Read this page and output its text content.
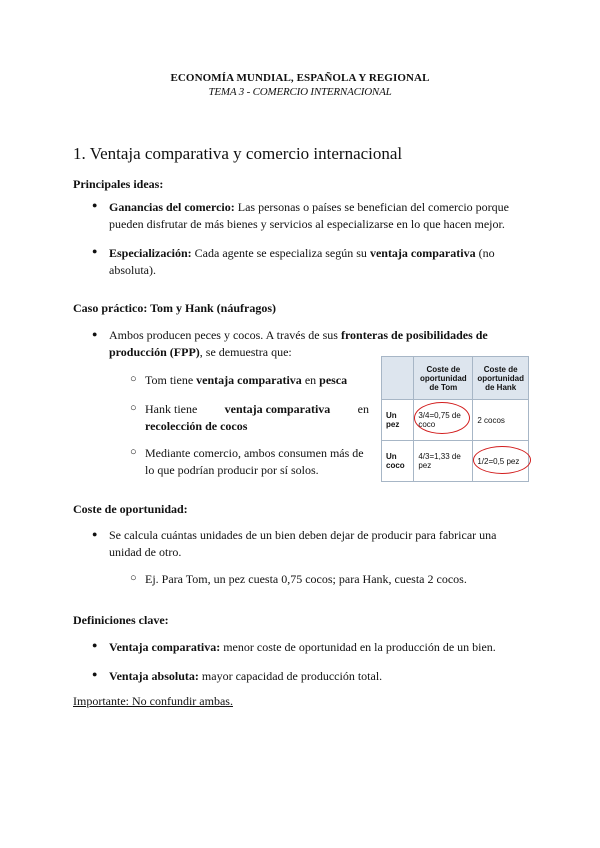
ECONOMÍA MUNDIAL, ESPAÑOLA Y REGIONAL
TEMA 3 - COMERCIO INTERNACIONAL
1. Ventaja comparativa y comercio internacional
Principales ideas:
● Ganancias del comercio: Las personas o países se benefician del comercio porque
pueden disfrutar de más bienes y servicios al especializarse en lo que hacen mejor.
● Especialización: Cada agente se especializa según su ventaja comparativa (no
absoluta).
Caso práctico: Tom y Hank (náufragos)
● Ambos producen peces y cocos. A través de sus fronteras de posibilidades de
producción (FPP), se demuestra que:
○ Tom tiene ventaja comparativa en pesca
○ Hank tiene ventaja comparativa en
recolección de cocos
○ Mediante comercio, ambos consumen más de
lo que podrían producir por sí solos.
	Coste de oportunidad de Tom	Coste de oportunidad de Hank
Un pez	3/4=0,75 de coco	2 cocos
Un coco	4/3=1,33 de pez	1/2=0,5 pez
Coste de oportunidad:
● Se calcula cuántas unidades de un bien deben dejar de producir para fabricar una
unidad de otro.
○ Ej. Para Tom, un pez cuesta 0,75 cocos; para Hank, cuesta 2 cocos.
Definiciones clave:
● Ventaja comparativa: menor coste de oportunidad en la producción de un bien.
● Ventaja absoluta: mayor capacidad de producción total.
Importante: No confundir ambas.
